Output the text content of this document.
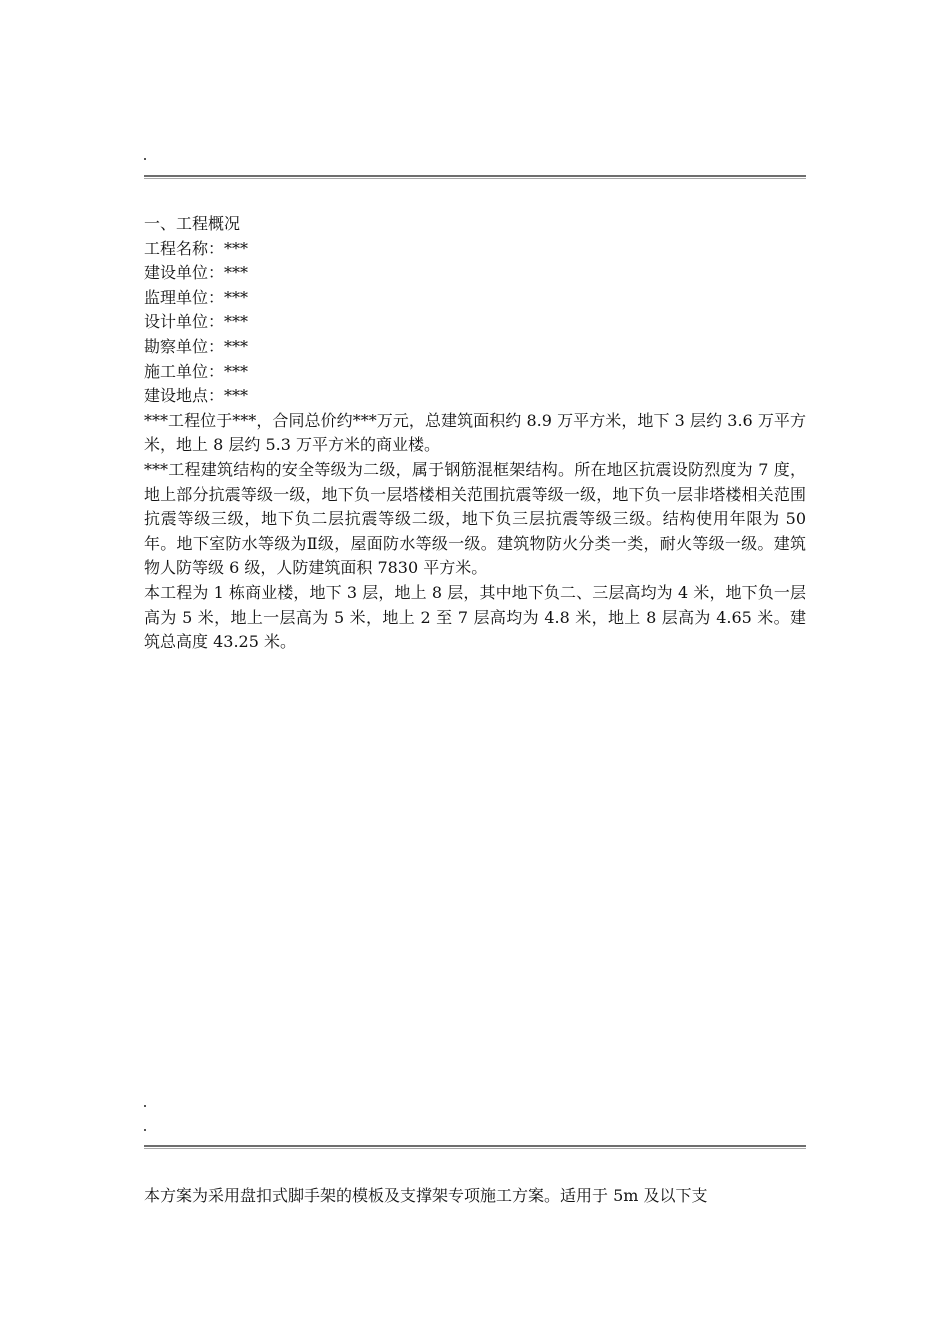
一、工程概况

工程名称：***

建设单位：***

监理单位：***

设计单位：***

勘察单位：***

施工单位：***

建设地点：***

***工程位于***，合同总价约***万元，总建筑面积约 8.9 万平方米，地下 3 层约 3.6 万平方米，地上 8 层约 5.3 万平方米的商业楼。

***工程建筑结构的安全等级为二级，属于钢筋混框架结构。所在地区抗震设防烈度为 7 度，地上部分抗震等级一级，地下负一层塔楼相关范围抗震等级一级，地下负一层非塔楼相关范围抗震等级三级，地下负二层抗震等级二级，地下负三层抗震等级三级。结构使用年限为 50 年。地下室防水等级为Ⅱ级，屋面防水等级一级。建筑物防火分类一类，耐火等级一级。建筑物人防等级 6 级，人防建筑面积 7830 平方米。

本工程为 1 栋商业楼，地下 3 层，地上 8 层，其中地下负二、三层高均为 4 米，地下负一层高为 5 米，地上一层高为 5 米，地上 2 至 7 层高均为 4.8 米，地上 8 层高为 4.65 米。建筑总高度 43.25 米。

本方案为采用盘扣式脚手架的模板及支撑架专项施工方案。适用于 5m 及以下支
